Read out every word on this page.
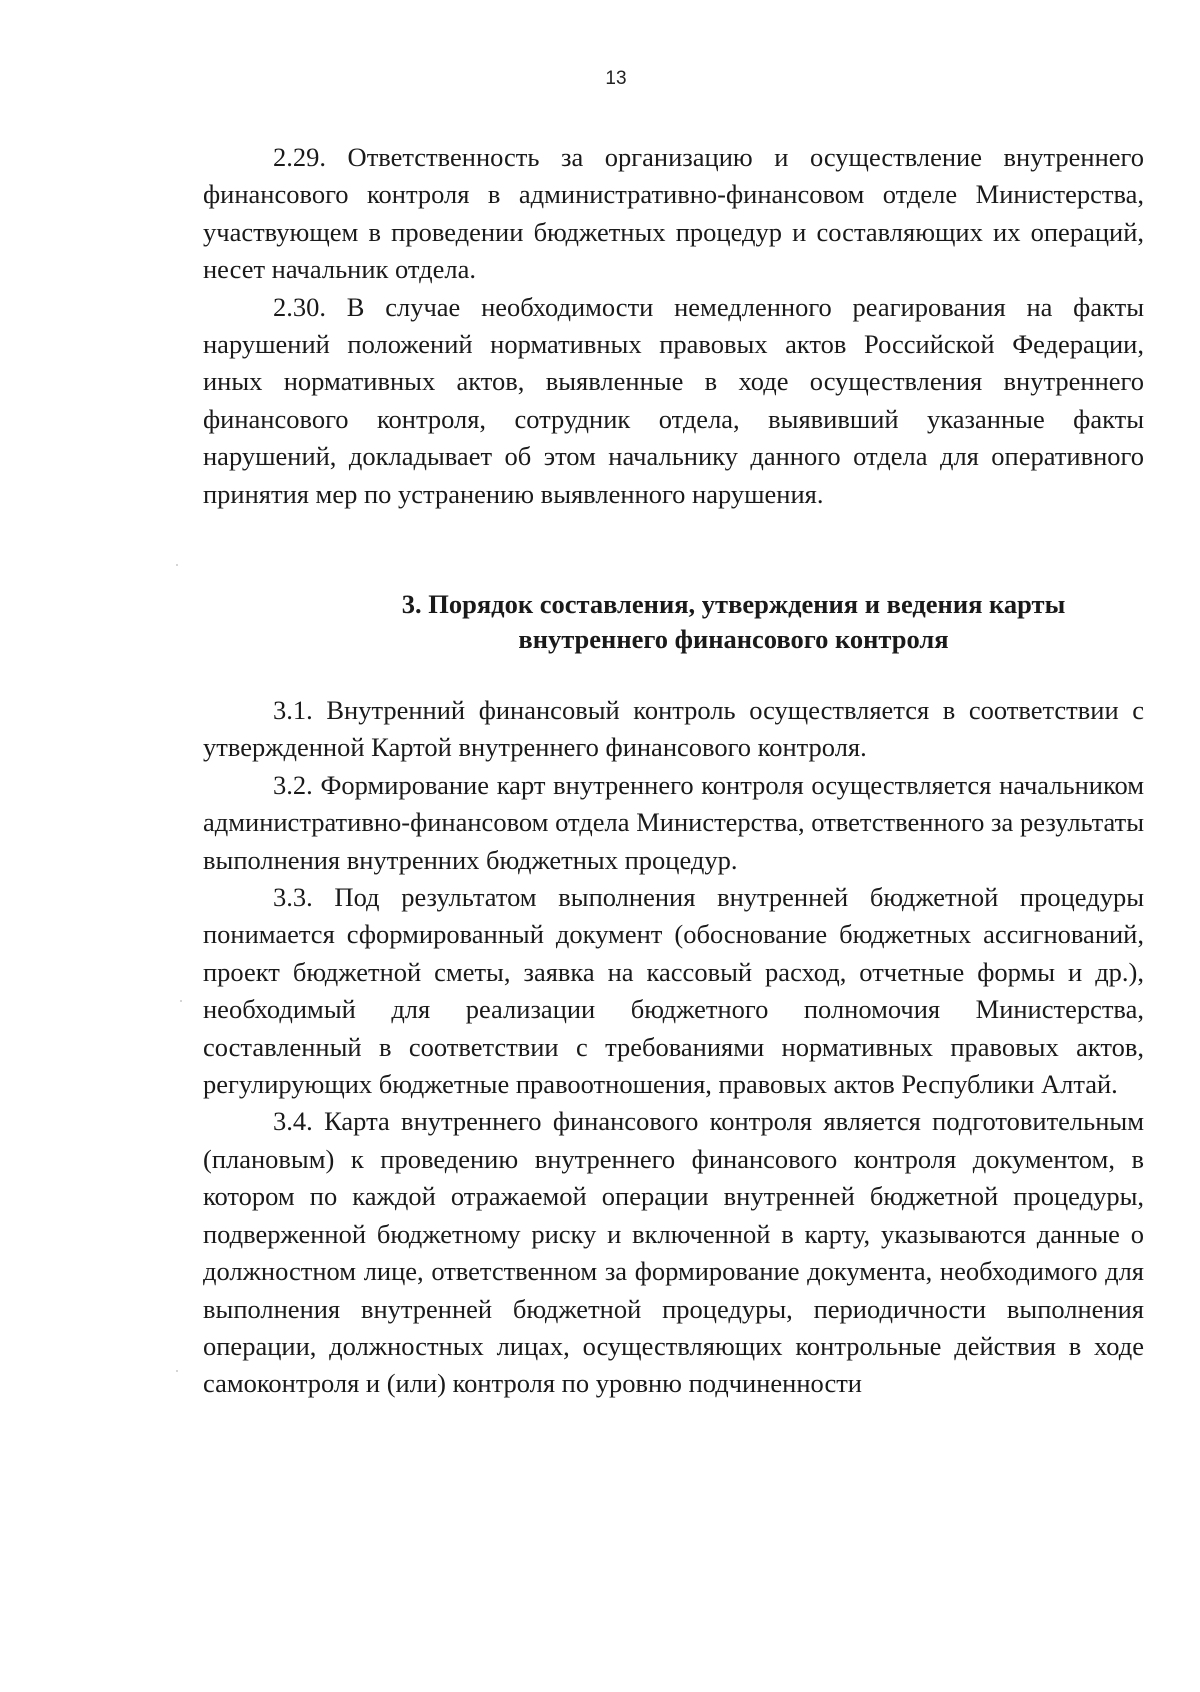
13

2.29. Ответственность за организацию и осуществление внутреннего финансового контроля в административно-финансовом отделе Министерства, участвующем в проведении бюджетных процедур и составляющих их операций, несет начальник отдела.

2.30. В случае необходимости немедленного реагирования на факты нарушений положений нормативных правовых актов Российской Федерации, иных нормативных актов, выявленные в ходе осуществления внутреннего финансового контроля, сотрудник отдела, выявивший указанные факты нарушений, докладывает об этом начальнику данного отдела для оперативного принятия мер по устранению выявленного нарушения.

3. Порядок составления, утверждения и ведения карты
внутреннего финансового контроля

3.1. Внутренний финансовый контроль осуществляется в соответствии с утвержденной Картой внутреннего финансового контроля.

3.2. Формирование карт внутреннего контроля осуществляется начальником административно-финансовом отдела Министерства, ответственного за результаты выполнения внутренних бюджетных процедур.

3.3. Под результатом выполнения внутренней бюджетной процедуры понимается сформированный документ (обоснование бюджетных ассигнований, проект бюджетной сметы, заявка на кассовый расход, отчетные формы и др.), необходимый для реализации бюджетного полномочия Министерства, составленный в соответствии с требованиями нормативных правовых актов, регулирующих бюджетные правоотношения, правовых актов Республики Алтай.

3.4. Карта внутреннего финансового контроля является подготовительным (плановым) к проведению внутреннего финансового контроля документом, в котором по каждой отражаемой операции внутренней бюджетной процедуры, подверженной бюджетному риску и включенной в карту, указываются данные о должностном лице, ответственном за формирование документа, необходимого для выполнения внутренней бюджетной процедуры, периодичности выполнения операции, должностных лицах, осуществляющих контрольные действия в ходе самоконтроля и (или) контроля по уровню подчиненности
